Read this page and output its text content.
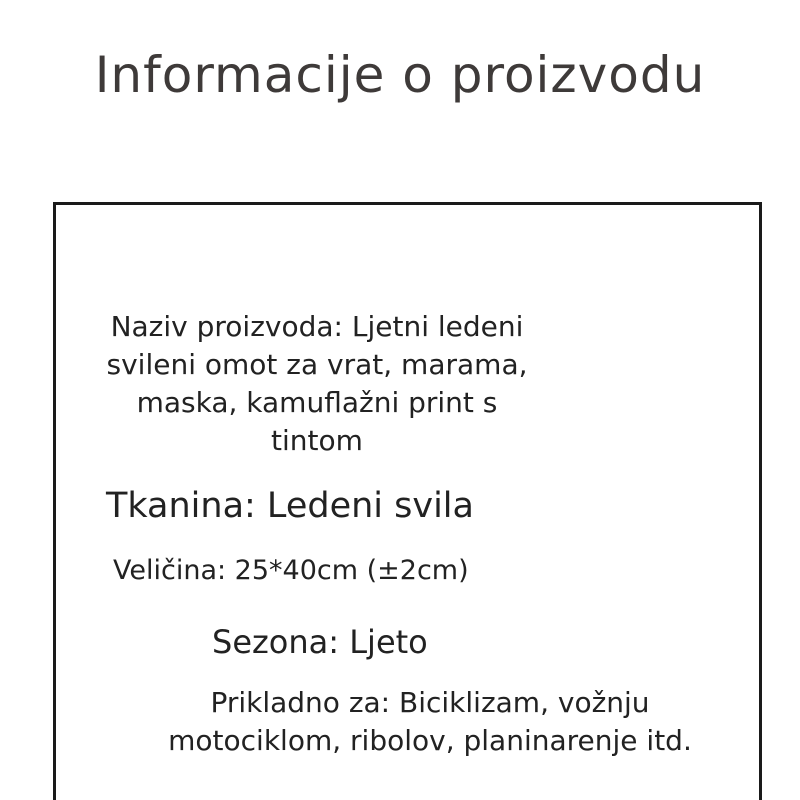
Informacije o proizvodu
Naziv proizvoda: Ljetni ledeni svileni omot za vrat, marama, maska, kamuflažni print s tintom
Tkanina: Ledeni svila
Veličina: 25*40cm (±2cm)
Sezona: Ljeto
Prikladno za: Biciklizam, vožnju motociklom, ribolov, planinarenje itd.
